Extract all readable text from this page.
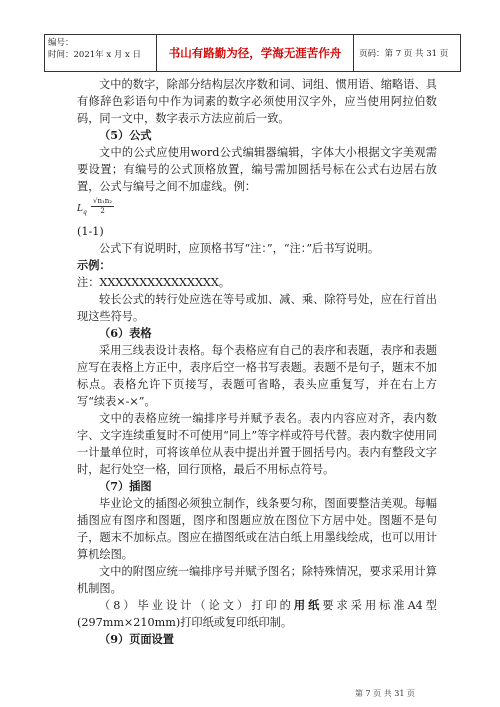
编号：
时间：2021年 x 月 x 日	书山有路勤为径，学海无涯苦作舟	页码：第 7 页 共 31 页

文中的数字，除部分结构层次序数和词、词组、惯用语、缩略语、具有修辞色彩语句中作为词素的数字必须使用汉字外，应当使用阿拉伯数码，同一文中，数字表示方法应前后一致。

（5）公式

文中的公式应使用word公式编辑器编辑，字体大小根据文字美观需要设置；有编号的公式顶格放置，编号需加圆括号标在公式右边居右放置，公式与编号之间不加虚线。例：

$L_q \frac{\text{√n₁n₂}}{2}$

(1-1)

公式下有说明时，应顶格书写“注：”，“注：”后书写说明。

示例：

注：XXXXXXXXXXXXXXX。

较长公式的转行处应选在等号或加、减、乘、除符号处，应在行首出现这些符号。

（6）表格

采用三线表设计表格。每个表格应有自己的表序和表题，表序和表题应写在表格上方正中，表序后空一格书写表题。表题不是句子，题末不加标点。表格允许下页接写，表题可省略，表头应重复写，并在右上方写“续表×-×”。

文中的表格应统一编排序号并赋予表名。表内内容应对齐，表内数字、文字连续重复时不可使用“同上”等字样或符号代替。表内数字使用同一计量单位时，可将该单位从表中提出并置于圆括号内。表内有整段文字时，起行处空一格，回行顶格，最后不用标点符号。

（7）插图

毕业论文的插图必须独立制作，线条要匀称，图面要整洁美观。每幅插图应有图序和图题，图序和图题应放在图位下方居中处。图题不是句子，题末不加标点。图应在描图纸或在洁白纸上用墨线绘成，也可以用计算机绘图。

文中的附图应统一编排序号并赋予图名；除特殊情况，要求采用计算机制图。

（8）毕业设计（论文）打印的用纸要求采用标准A4型(297mm×210mm)打印纸或复印纸印制。

（9）页面设置

第 7 页 共 31 页
